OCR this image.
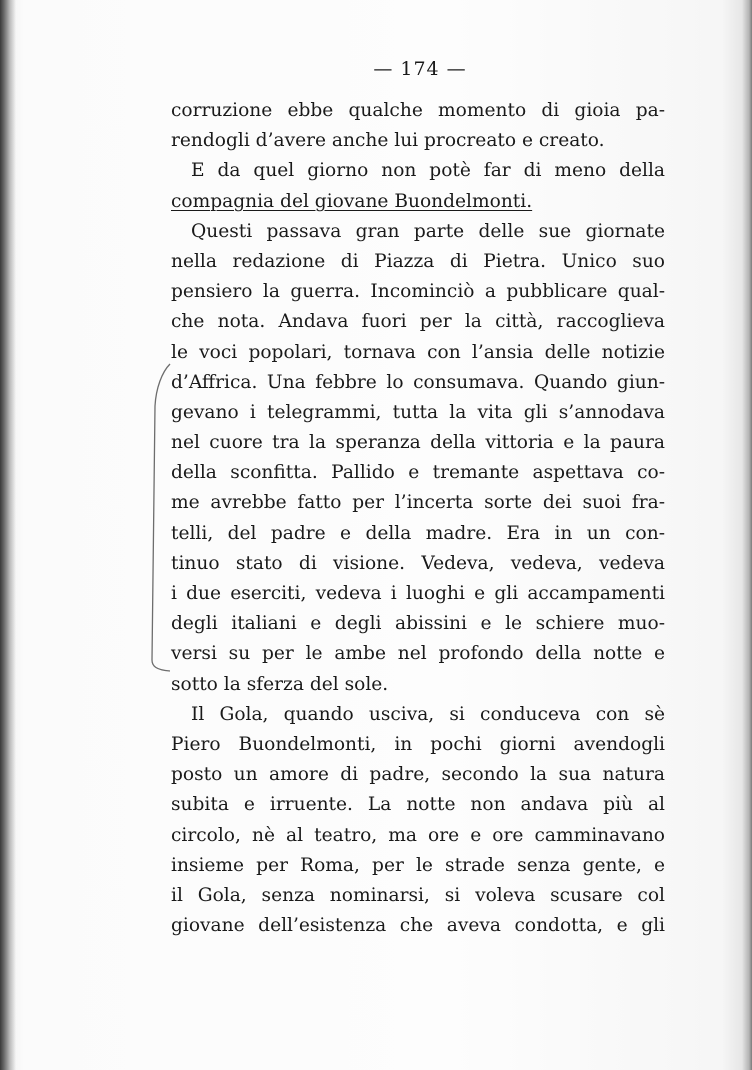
— 174 —
corruzione ebbe qualche momento di gioia pa-
rendogli d’avere anche lui procreato e creato.
E da quel giorno non potè far di meno della
compagnia del giovane Buondelmonti.
Questi passava gran parte delle sue giornate
nella redazione di Piazza di Pietra. Unico suo
pensiero la guerra. Incominciò a pubblicare qual-
che nota. Andava fuori per la città, raccoglieva
le voci popolari, tornava con l’ansia delle notizie
d’Affrica. Una febbre lo consumava. Quando giun-
gevano i telegrammi, tutta la vita gli s’annodava
nel cuore tra la speranza della vittoria e la paura
della sconfitta. Pallido e tremante aspettava co-
me avrebbe fatto per l’incerta sorte dei suoi fra-
telli, del padre e della madre. Era in un con-
tinuo stato di visione. Vedeva, vedeva, vedeva
i due eserciti, vedeva i luoghi e gli accampamenti
degli italiani e degli abissini e le schiere muo-
versi su per le ambe nel profondo della notte e
sotto la sferza del sole.
Il Gola, quando usciva, si conduceva con sè
Piero Buondelmonti, in pochi giorni avendogli
posto un amore di padre, secondo la sua natura
subita e irruente. La notte non andava più al
circolo, nè al teatro, ma ore e ore camminavano
insieme per Roma, per le strade senza gente, e
il Gola, senza nominarsi, si voleva scusare col
giovane dell’esistenza che aveva condotta, e gli
